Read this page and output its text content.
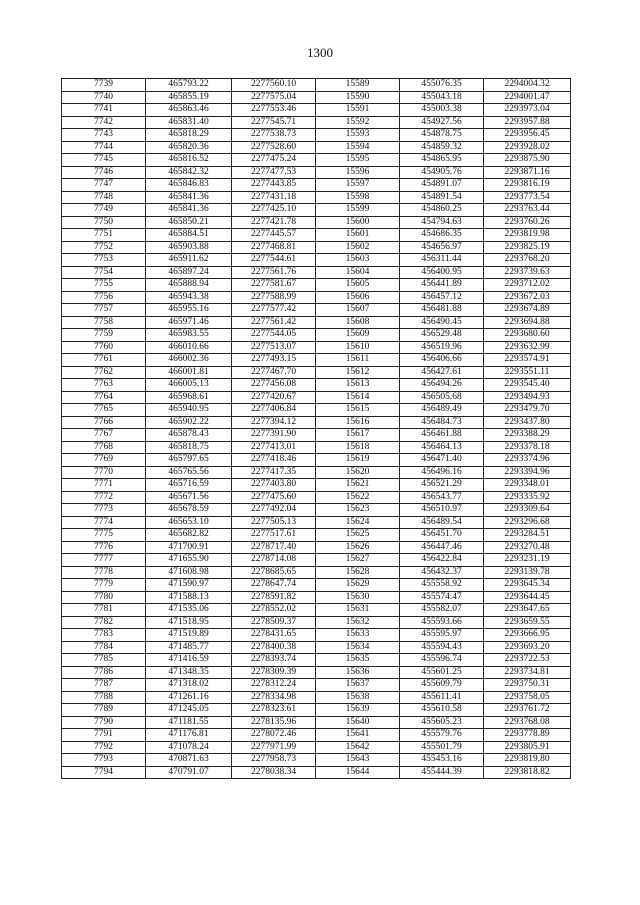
1300
7739	465793.22	2277560.10	15589	455076.35	2294004.32
7740	465855.19	2277575.04	15590	455043.18	2294001.47
7741	465863.46	2277553.46	15591	455003.38	2293973.04
7742	465831.40	2277545.71	15592	454927.56	2293957.88
7743	465818.29	2277538.73	15593	454878.75	2293956.45
7744	465820.36	2277528.60	15594	454859.32	2293928.02
7745	465816.52	2277475.24	15595	454865.95	2293875.90
7746	465842.32	2277477.53	15596	454905.76	2293871.16
7747	465846.83	2277443.85	15597	454891.07	2293816.19
7748	465841.36	2277431.18	15598	454891.54	2293773.54
7749	465841.36	2277425.10	15599	454860.25	2293763.44
7750	465850.21	2277421.78	15600	454794.63	2293760.26
7751	465884.51	2277445.57	15601	454686.35	2293819.98
7752	465903.88	2277468.81	15602	454656.97	2293825.19
7753	465911.62	2277544.61	15603	456311.44	2293768.20
7754	465897.24	2277561.76	15604	456400.95	2293739.63
7755	465888.94	2277581.67	15605	456441.89	2293712.02
7756	465943.38	2277588.99	15606	456457.12	2293672.03
7757	465955.16	2277577.42	15607	456481.88	2293674.89
7758	465971.46	2277561.42	15608	456490.45	2293694.88
7759	465983.55	2277544.05	15609	456529.48	2293680.60
7760	466010.66	2277513.07	15610	456519.96	2293632.99
7761	466002.36	2277493.15	15611	456406.66	2293574.91
7762	466001.81	2277467.70	15612	456427.61	2293551.11
7763	466005.13	2277456.08	15613	456494.26	2293545.40
7764	465968.61	2277420.67	15614	456505.68	2293494.93
7765	465940.95	2277406.84	15615	456489.49	2293479.70
7766	465902.22	2277394.12	15616	456484.73	2293437.80
7767	465878.43	2277391.90	15617	456461.88	2293388.29
7768	465818.75	2277413.01	15618	456464.13	2293378.18
7769	465797.65	2277418.46	15619	456471.40	2293374.96
7770	465765.56	2277417.35	15620	456496.16	2293394.96
7771	465716.59	2277403.80	15621	456521.29	2293348.01
7772	465671.56	2277475.60	15622	456543.77	2293335.92
7773	465678.59	2277492.04	15623	456510.97	2293309.64
7774	465653.10	2277505.13	15624	456489.54	2293296.68
7775	465682.82	2277517.61	15625	456451.70	2293284.51
7776	471700.91	2278717.40	15626	456447.46	2293270.48
7777	471655.90	2278714.08	15627	456422.84	2293231.19
7778	471608.98	2278685.65	15628	456432.37	2293139.78
7779	471590.97	2278647.74	15629	455558.92	2293645.34
7780	471588.13	2278591.82	15630	455574.47	2293644.45
7781	471535.06	2278552.02	15631	455582.07	2293647.65
7782	471518.95	2278509.37	15632	455593.66	2293659.55
7783	471519.89	2278431.65	15633	455595.97	2293666.95
7784	471485.77	2278400.38	15634	455594.43	2293693.20
7785	471416.59	2278393.74	15635	455596.74	2293722.53
7786	471348.35	2278309.39	15636	455601.25	2293734.81
7787	471318.02	2278312.24	15637	455609.79	2293750.31
7788	471261.16	2278334.98	15638	455611.41	2293758.05
7789	471245.05	2278323.61	15639	455610.58	2293761.72
7790	471181.55	2278135.96	15640	455605.23	2293768.08
7791	471176.81	2278072.46	15641	455579.76	2293778.89
7792	471078.24	2277971.99	15642	455501.79	2293805.91
7793	470871.63	2277958.73	15643	455453.16	2293819.80
7794	470791.07	2278038.34	15644	455444.39	2293818.82
